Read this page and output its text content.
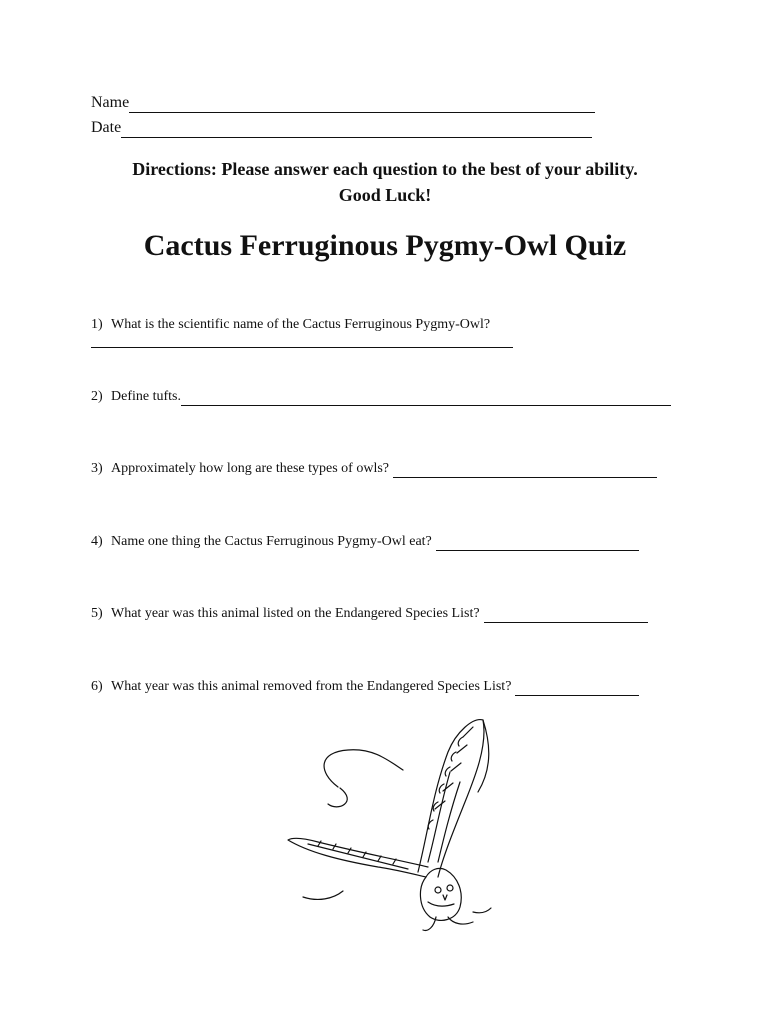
Name
Date
Directions: Please answer each question to the best of your ability.
Good Luck!
Cactus Ferruginous Pygmy-Owl Quiz
1) What is the scientific name of the Cactus Ferruginous Pygmy-Owl?
2) Define tufts.
3) Approximately how long are these types of owls?
4) Name one thing the Cactus Ferruginous Pygmy-Owl eat?
5) What year was this animal listed on the Endangered Species List?
6) What year was this animal removed from the Endangered Species List?
